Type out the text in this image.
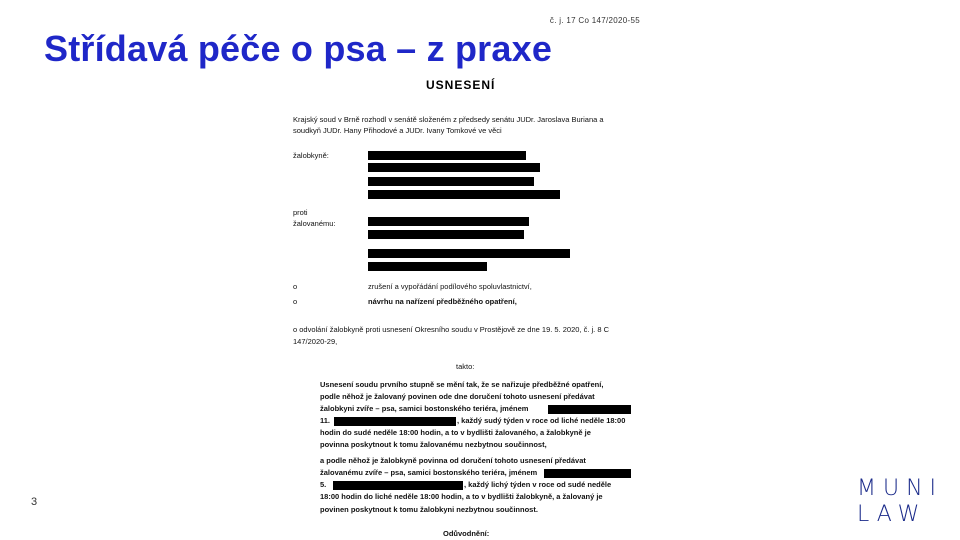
Střídavá péče o psa – z praxe
č. j. 17 Co 147/2020-55
USNESENÍ
Krajský soud v Brně rozhodl v senátě složeném z předsedy senátu JUDr. Jaroslava Buriana a
soudkyň JUDr. Hany Přihodové a JUDr. Ivany Tomkové ve věci
žalobkyně:
proti
žalovanému:
o	zrušení a vypořádání podílového spoluvlastnictví,
o	návrhu na nařízení předběžného opatření,
o odvolání žalobkyně proti usnesení Okresního soudu v Prostějově ze dne 19. 5. 2020, č. j. 8 C
147/2020-29,
takto:
Usnesení soudu prvního stupně se mění tak, že se nařizuje předběžné opatření,
podle něhož je žalovaný povinen ode dne doručení tohoto usnesení předávat
žalobkyni zvíře – psa, samici bostonského teriéra, jménem
11.	, každý sudý týden v roce od liché neděle 18:00
hodin do sudé neděle 18:00 hodin, a to v bydlišti žalovaného, a žalobkyně je
povinna poskytnout k tomu žalovanému nezbytnou součinnost,
a podle něhož je žalobkyně povinna od doručení tohoto usnesení předávat
žalovanému zvíře – psa, samici bostonského teriéra, jménem
5.	, každý lichý týden v roce od sudé neděle
18:00 hodin do liché neděle 18:00 hodin, a to v bydlišti žalobkyně, a žalovaný je
povinen poskytnout k tomu žalobkyni nezbytnou součinnost.
Odůvodnění:
3
MUNI
LAW
